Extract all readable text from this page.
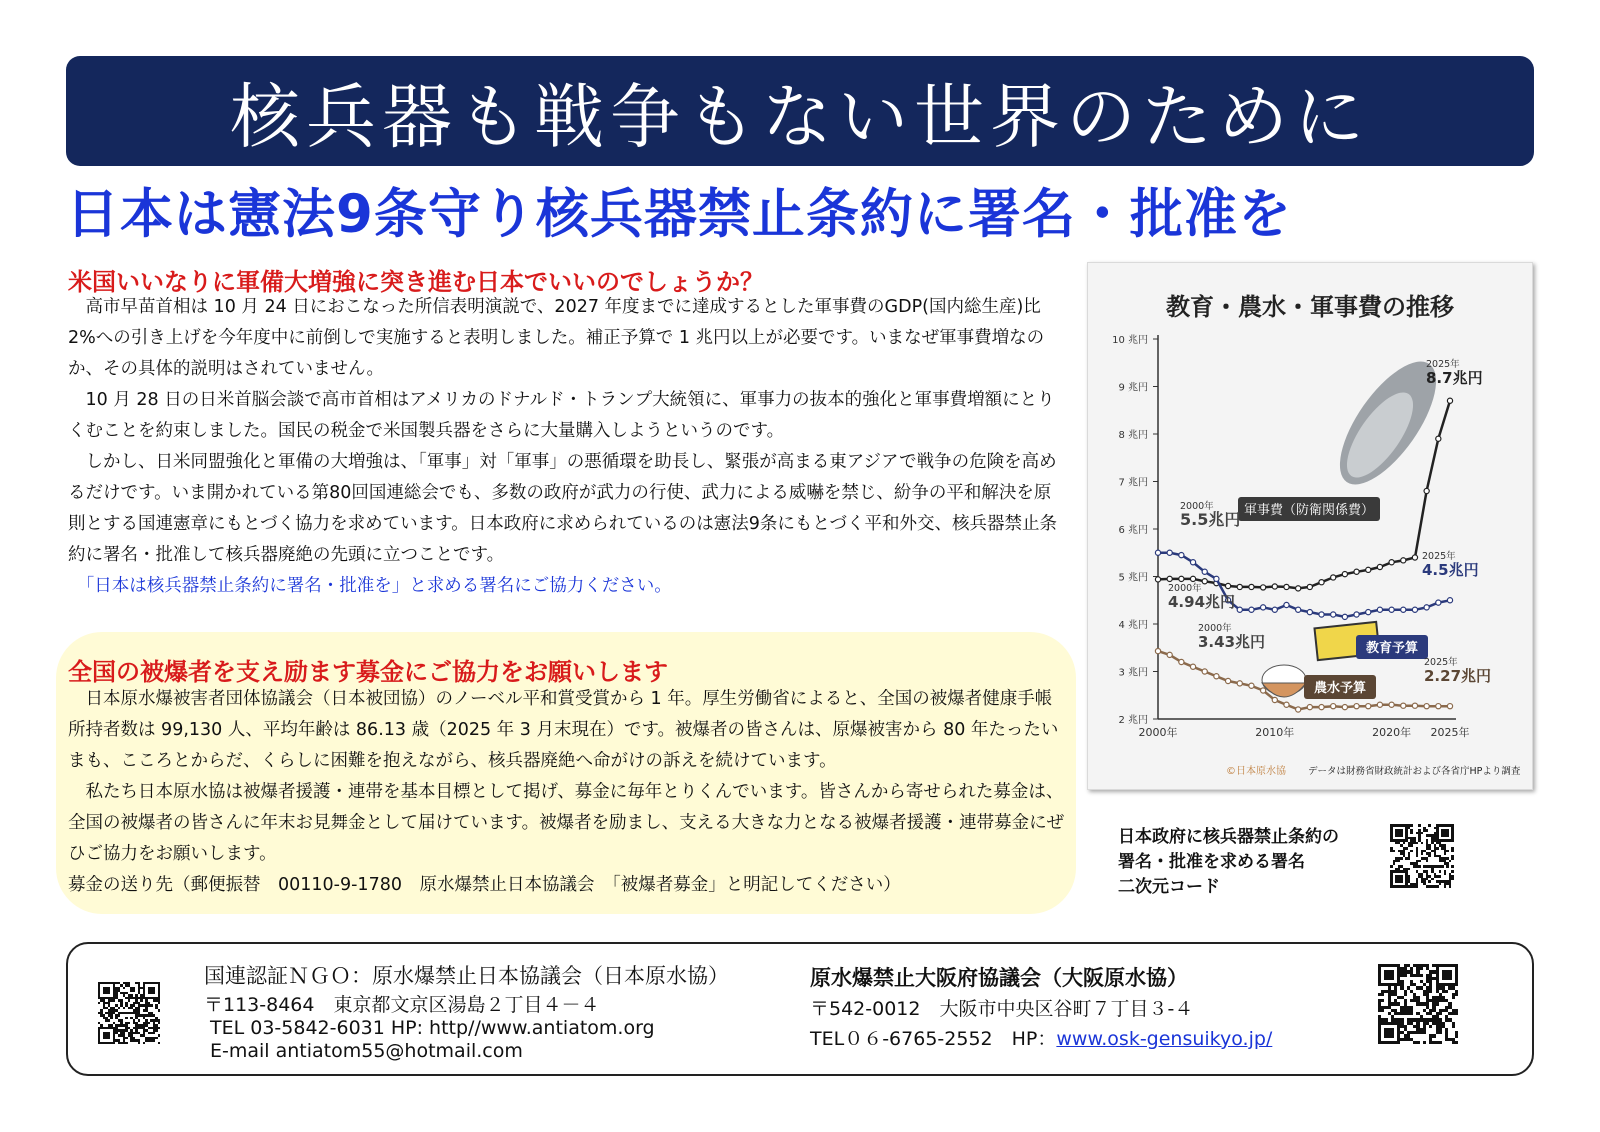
核兵器も戦争もない世界のために
日本は憲法9条守り核兵器禁止条約に署名・批准を
米国いいなりに軍備大増強に突き進む日本でいいのでしょうか？

　高市早苗首相は 10 月 24 日におこなった所信表明演説で、2027 年度までに達成するとした軍事費のGDP(国内総生産)比 2%への引き上げを今年度中に前倒しで実施すると表明しました。補正予算で 1 兆円以上が必要です。いまなぜ軍事費増なのか、その具体的説明はされていません。

　10 月 28 日の日米首脳会談で高市首相はアメリカのドナルド・トランプ大統領に、軍事力の抜本的強化と軍事費増額にとりくむことを約束しました。国民の税金で米国製兵器をさらに大量購入しようというのです。

　しかし、日米同盟強化と軍備の大増強は、「軍事」対「軍事」の悪循環を助長し、緊張が高まる東アジアで戦争の危険を高めるだけです。いま開かれている第80回国連総会でも、多数の政府が武力の行使、武力による威嚇を禁じ、紛争の平和解決を原則とする国連憲章にもとづく協力を求めています。日本政府に求められているのは憲法9条にもとづく平和外交、核兵器禁止条約に署名・批准して核兵器廃絶の先頭に立つことです。

　「日本は核兵器禁止条約に署名・批准を」と求める署名にご協力ください。

全国の被爆者を支え励ます募金にご協力をお願いします

　日本原水爆被害者団体協議会（日本被団協）のノーベル平和賞受賞から 1 年。厚生労働省によると、全国の被爆者健康手帳所持者数は 99,130 人、平均年齢は 86.13 歳（2025 年 3 月末現在）です。被爆者の皆さんは、原爆被害から 80 年たったいまも、こころとからだ、くらしに困難を抱えながら、核兵器廃絶へ命がけの訴えを続けています。

　私たち日本原水協は被爆者援護・連帯を基本目標として掲げ、募金に毎年とりくんでいます。皆さんから寄せられた募金は、全国の被爆者の皆さんに年末お見舞金として届けています。被爆者を励まし、支える大きな力となる被爆者援護・連帯募金にぜひご協力をお願いします。

募金の送り先（郵便振替　00110-9-1780　原水爆禁止日本協議会　「被爆者募金」と明記してください）

教育・農水・軍事費の推移
2 兆円
3 兆円
4 兆円
5 兆円
6 兆円
7 兆円
8 兆円
9 兆円
10 兆円
2000年	2010年	2020年 2025年
軍事費（防衛関係費）
教育予算
農水予算
2000年
5.5兆円
2000年
4.94兆円
2000年
3.43兆円
2025年
8.7兆円
2025年
4.5兆円
2025年
2.27兆円
©日本原水協 データは財務省財政統計および各省庁HPより調査
日本政府に核兵器禁止条約の
署名・批准を求める署名
二次元コード
国連認証ＮＧＯ：原水爆禁止日本協議会（日本原水協）
〒113-8464　東京都文京区湯島２丁目４－４
TEL 03-5842-6031 HP: http//www.antiatom.org
E-mail antiatom55@hotmail.com
原水爆禁止大阪府協議会（大阪原水協）
〒542-0012　大阪市中央区谷町７丁目３-４
TEL０６-6765-2552　HP：www.osk-gensuikyo.jp/
